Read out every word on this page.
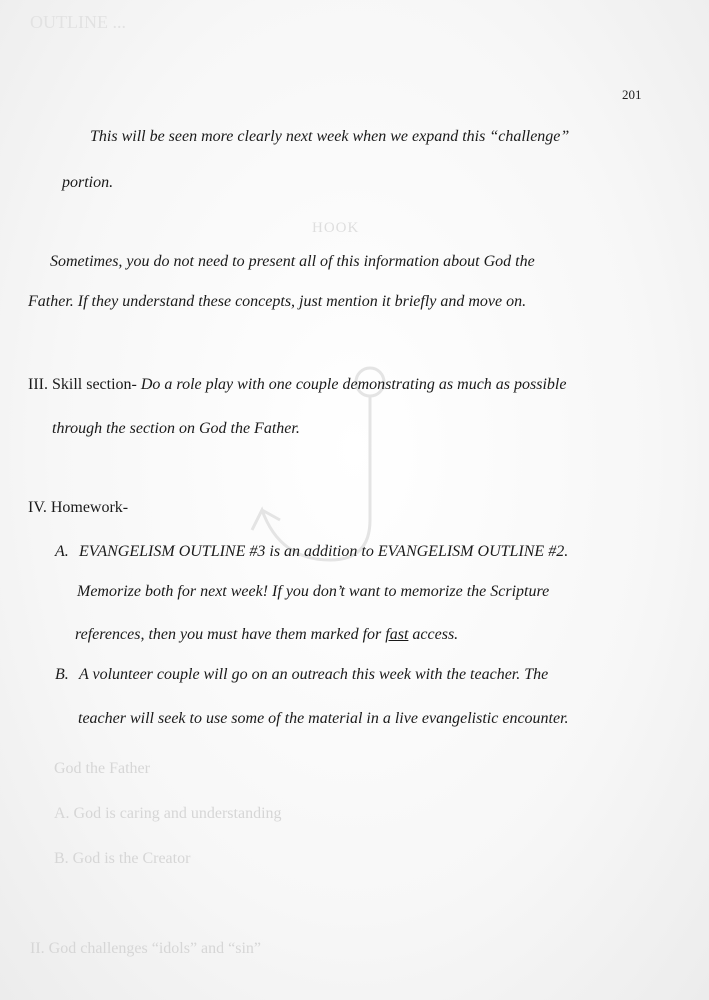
OUTLINE ...
HOOK
God the Father
A. God is caring and understanding
B. God is the Creator
II. God challenges “idols” and “sin”
201
This will be seen more clearly next week when we expand this “challenge”
portion.
Sometimes, you do not need to present all of this information about God the
Father. If they understand these concepts, just mention it briefly and move on.
III. Skill section- Do a role play with one couple demonstrating as much as possible
through the section on God the Father.
IV. Homework-
A. EVANGELISM OUTLINE #3 is an addition to EVANGELISM OUTLINE #2.
Memorize both for next week! If you don’t want to memorize the Scripture
references, then you must have them marked for fast access.
B. A volunteer couple will go on an outreach this week with the teacher. The
teacher will seek to use some of the material in a live evangelistic encounter.
